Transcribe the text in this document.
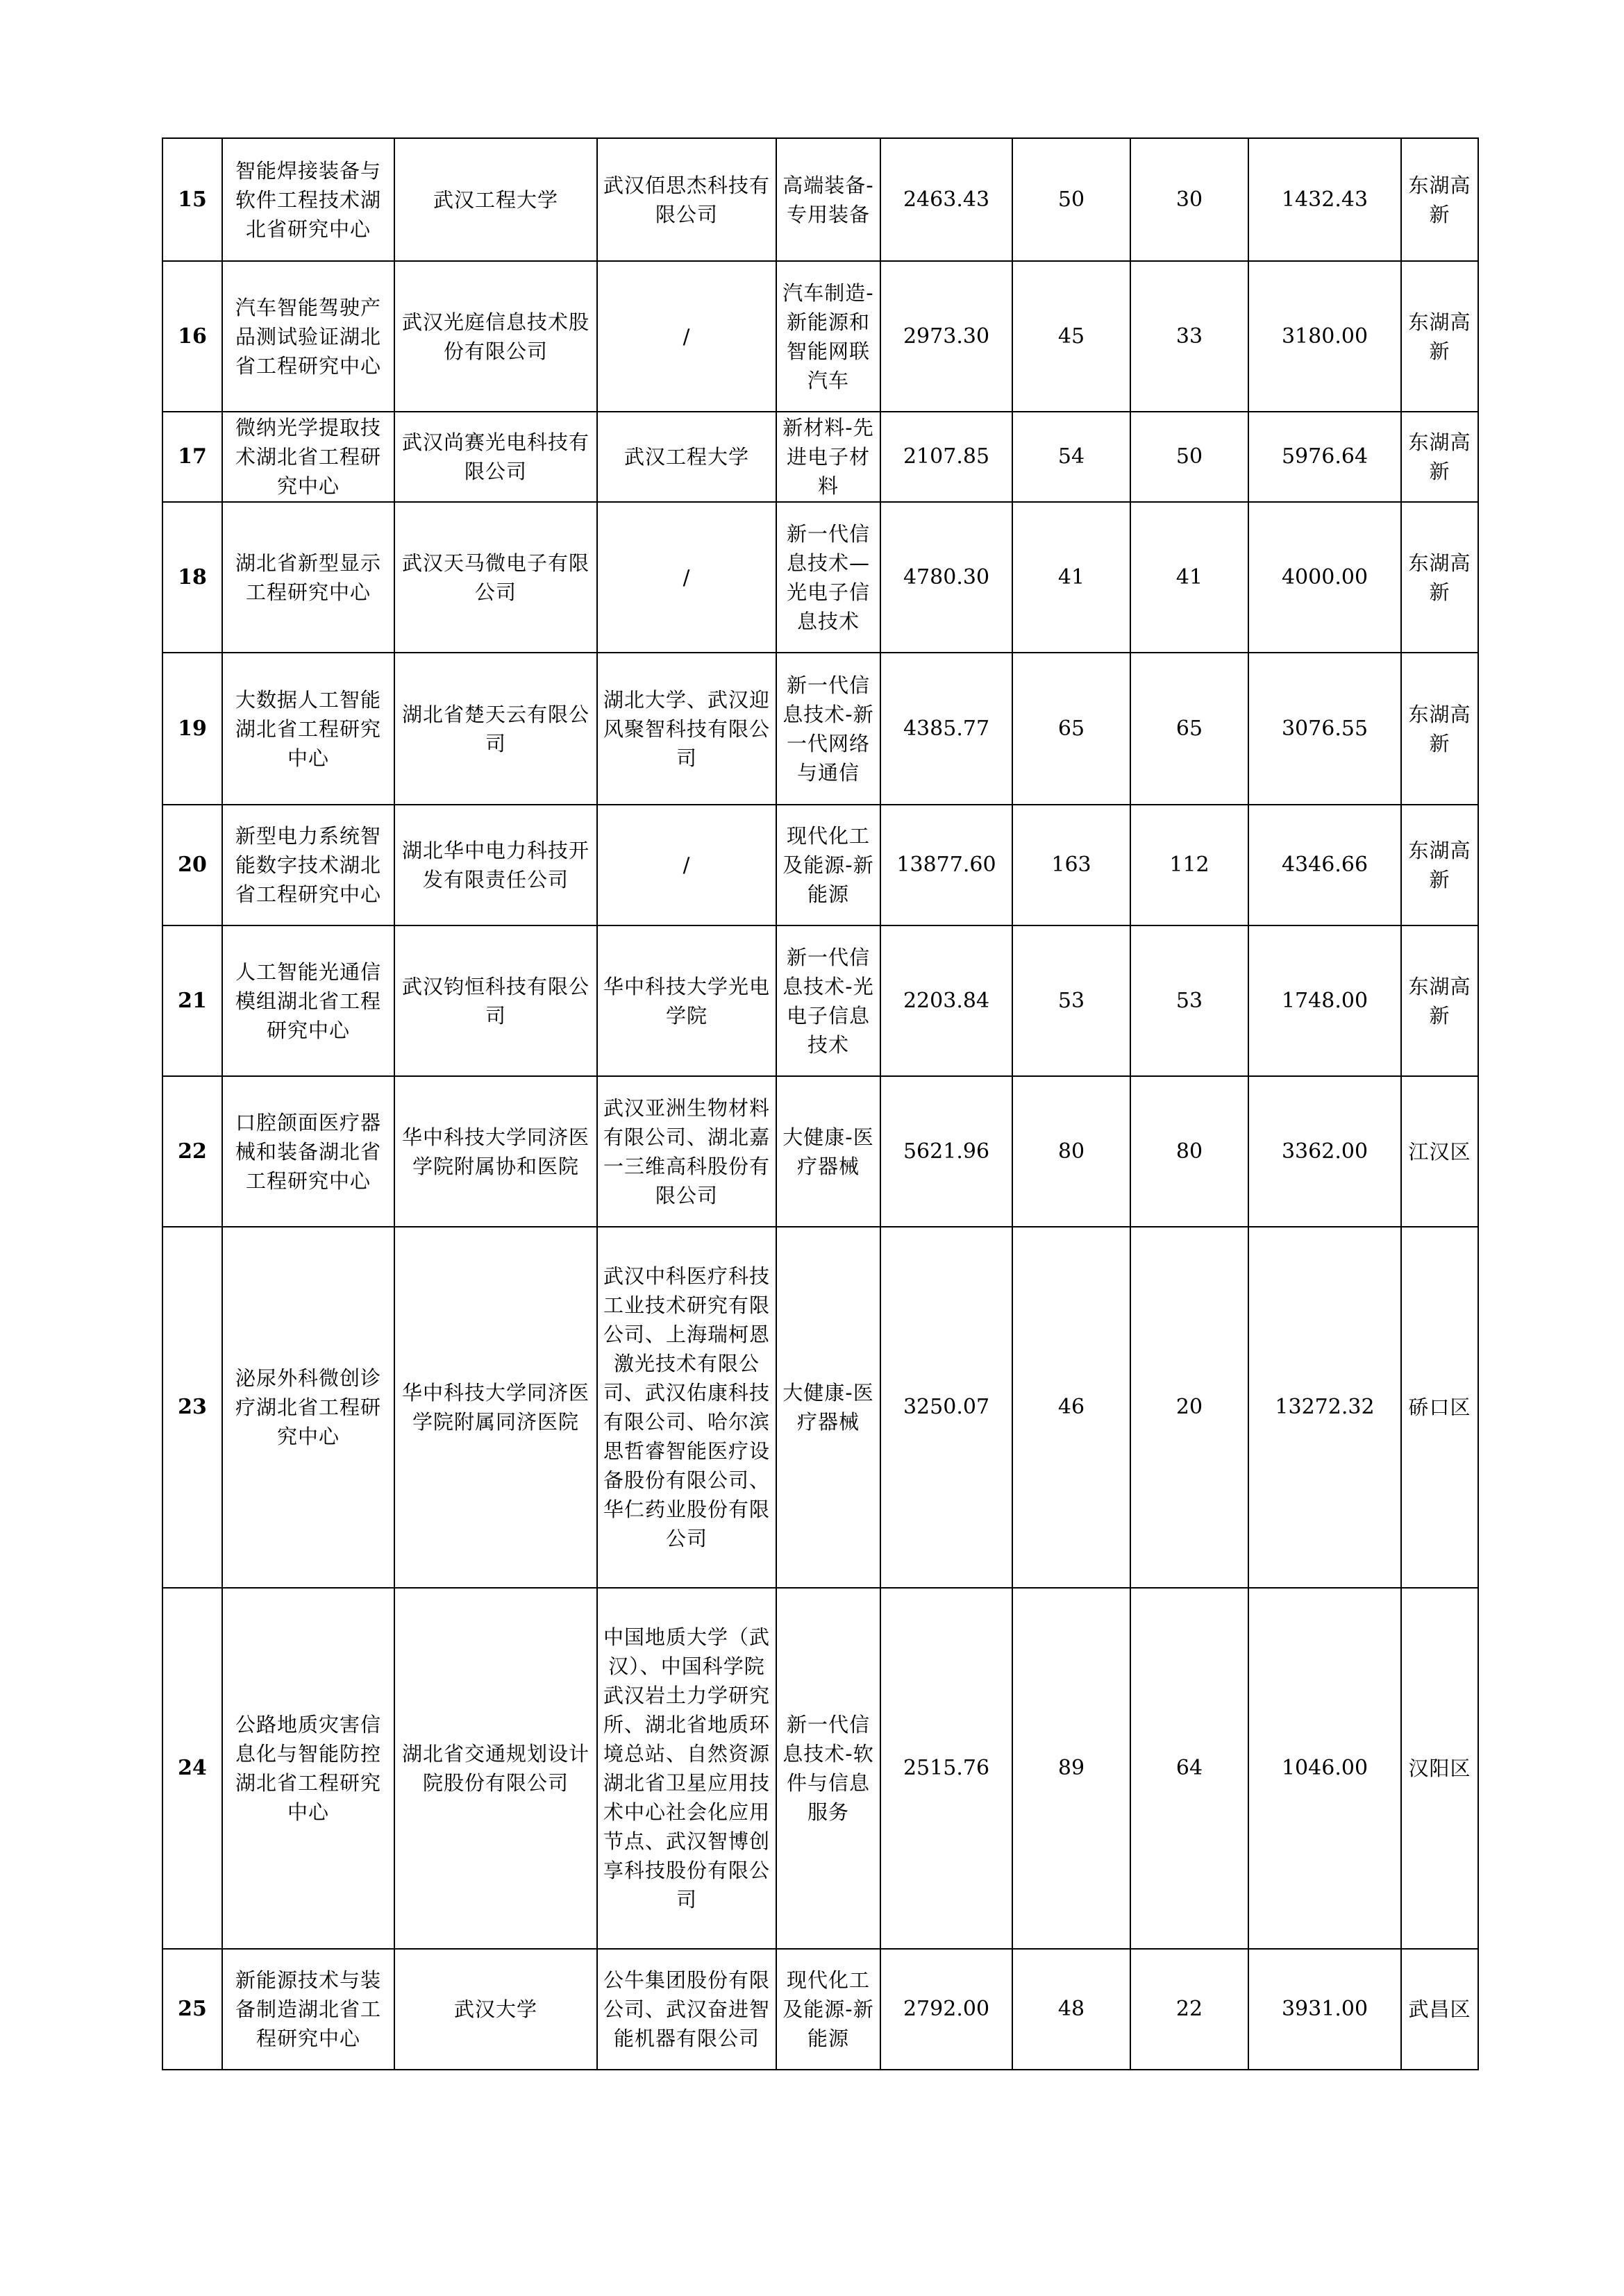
15	智能焊接装备与软件工程技术湖北省研究中心	武汉工程大学	武汉佰思杰科技有限公司	高端装备-专用装备	2463.43	50	30	1432.43	东湖高新
16	汽车智能驾驶产品测试验证湖北省工程研究中心	武汉光庭信息技术股份有限公司	/	汽车制造-新能源和智能网联汽车	2973.30	45	33	3180.00	东湖高新
17	微纳光学提取技术湖北省工程研究中心	武汉尚赛光电科技有限公司	武汉工程大学	新材料-先进电子材料	2107.85	54	50	5976.64	东湖高新
18	湖北省新型显示工程研究中心	武汉天马微电子有限公司	/	新一代信息技术—光电子信息技术	4780.30	41	41	4000.00	东湖高新
19	大数据人工智能湖北省工程研究中心	湖北省楚天云有限公司	湖北大学、武汉迎风聚智科技有限公司	新一代信息技术-新一代网络与通信	4385.77	65	65	3076.55	东湖高新
20	新型电力系统智能数字技术湖北省工程研究中心	湖北华中电力科技开发有限责任公司	/	现代化工及能源-新能源	13877.60	163	112	4346.66	东湖高新
21	人工智能光通信模组湖北省工程研究中心	武汉钧恒科技有限公司	华中科技大学光电学院	新一代信息技术-光电子信息技术	2203.84	53	53	1748.00	东湖高新
22	口腔颌面医疗器械和装备湖北省工程研究中心	华中科技大学同济医学院附属协和医院	武汉亚洲生物材料有限公司、湖北嘉一三维高科股份有限公司	大健康-医疗器械	5621.96	80	80	3362.00	江汉区
23	泌尿外科微创诊疗湖北省工程研究中心	华中科技大学同济医学院附属同济医院	武汉中科医疗科技工业技术研究有限公司、上海瑞柯恩激光技术有限公司、武汉佑康科技有限公司、哈尔滨思哲睿智能医疗设备股份有限公司、华仁药业股份有限公司	大健康-医疗器械	3250.07	46	20	13272.32	硚口区
24	公路地质灾害信息化与智能防控湖北省工程研究中心	湖北省交通规划设计院股份有限公司	中国地质大学（武汉）、中国科学院武汉岩土力学研究所、湖北省地质环境总站、自然资源湖北省卫星应用技术中心社会化应用节点、武汉智博创享科技股份有限公司	新一代信息技术-软件与信息服务	2515.76	89	64	1046.00	汉阳区
25	新能源技术与装备制造湖北省工程研究中心	武汉大学	公牛集团股份有限公司、武汉奋进智能机器有限公司	现代化工及能源-新能源	2792.00	48	22	3931.00	武昌区
